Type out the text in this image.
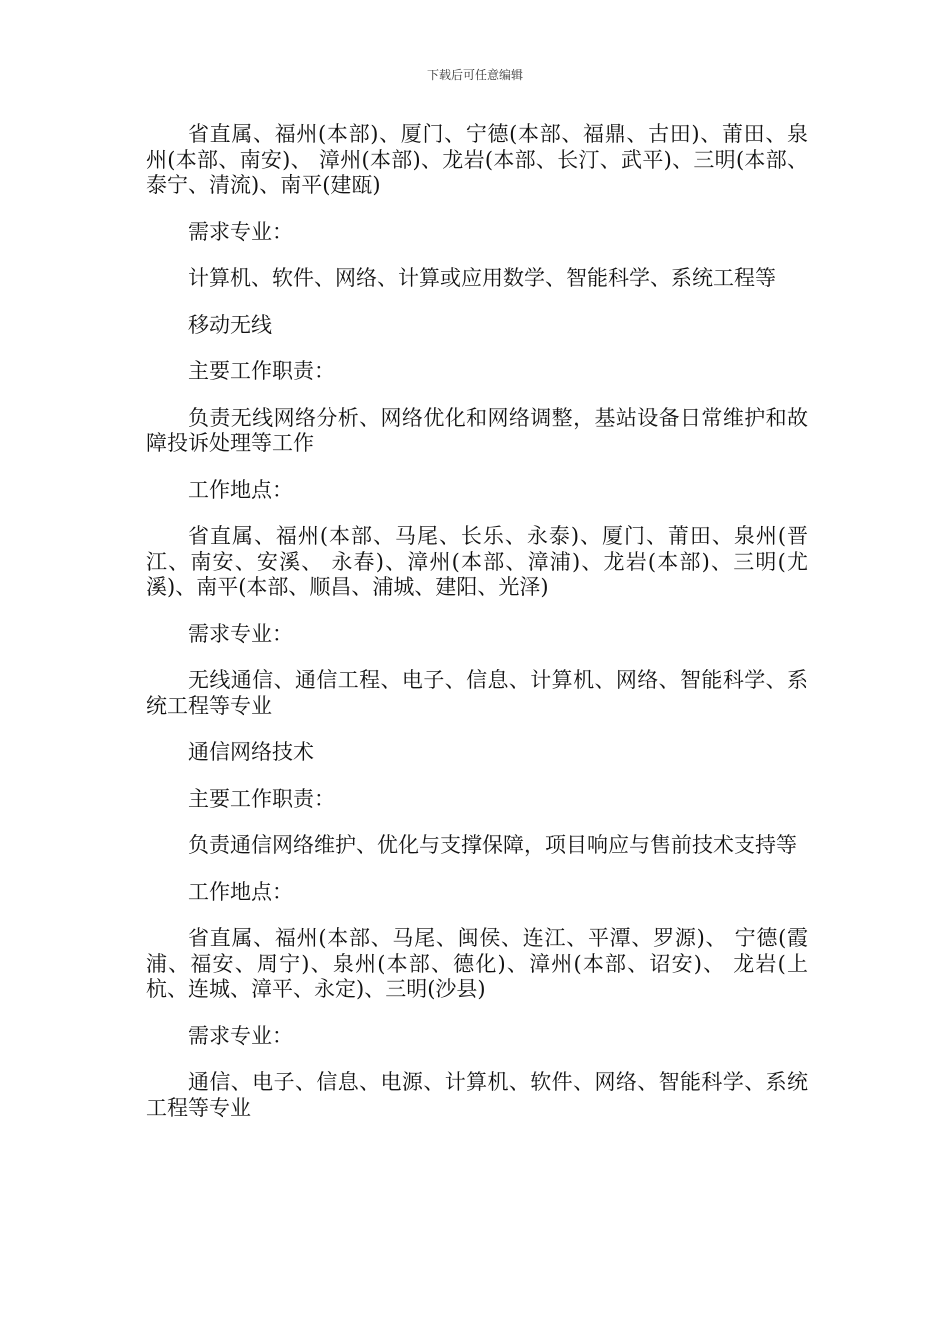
下载后可任意编辑

省直属、福州(本部)、厦门、宁德(本部、福鼎、古田)、莆田、泉州(本部、南安)、 漳州(本部)、龙岩(本部、长汀、武平)、三明(本部、泰宁、清流)、南平(建瓯)

需求专业：

计算机、软件、网络、计算或应用数学、智能科学、系统工程等

移动无线

主要工作职责：

负责无线网络分析、网络优化和网络调整，基站设备日常维护和故障投诉处理等工作

工作地点：

省直属、福州(本部、马尾、长乐、永泰)、厦门、莆田、泉州(晋江、南安、安溪、 永春)、漳州(本部、漳浦)、龙岩(本部)、三明(尤溪)、南平(本部、顺昌、浦城、建阳、光泽)

需求专业：

无线通信、通信工程、电子、信息、计算机、网络、智能科学、系统工程等专业

通信网络技术

主要工作职责：

负责通信网络维护、优化与支撑保障，项目响应与售前技术支持等

工作地点：

省直属、福州(本部、马尾、闽侯、连江、平潭、罗源)、 宁德(霞浦、福安、周宁)、泉州(本部、德化)、漳州(本部、诏安)、 龙岩(上杭、连城、漳平、永定)、三明(沙县)

需求专业：

通信、电子、信息、电源、计算机、软件、网络、智能科学、系统工程等专业
